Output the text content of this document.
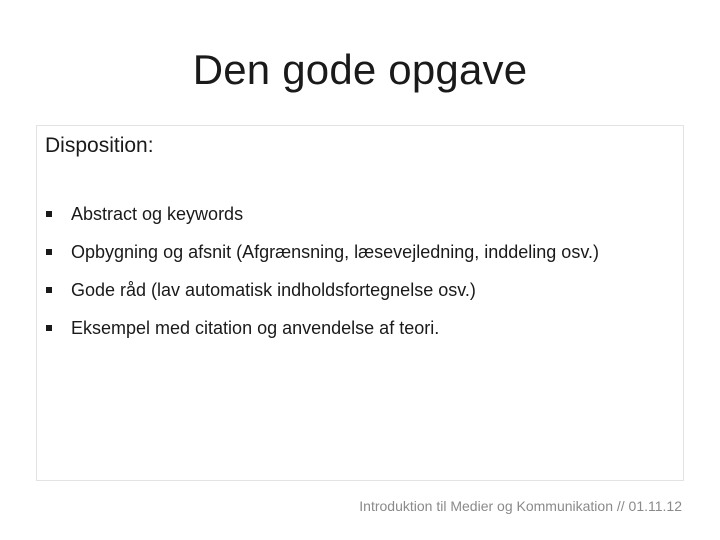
Den gode opgave
Disposition:
Abstract og keywords
Opbygning og afsnit (Afgrænsning, læsevejledning, inddeling osv.)
Gode råd (lav automatisk indholdsfortegnelse osv.)
Eksempel med citation og anvendelse af teori.
Introduktion til Medier og Kommunikation // 01.11.12
